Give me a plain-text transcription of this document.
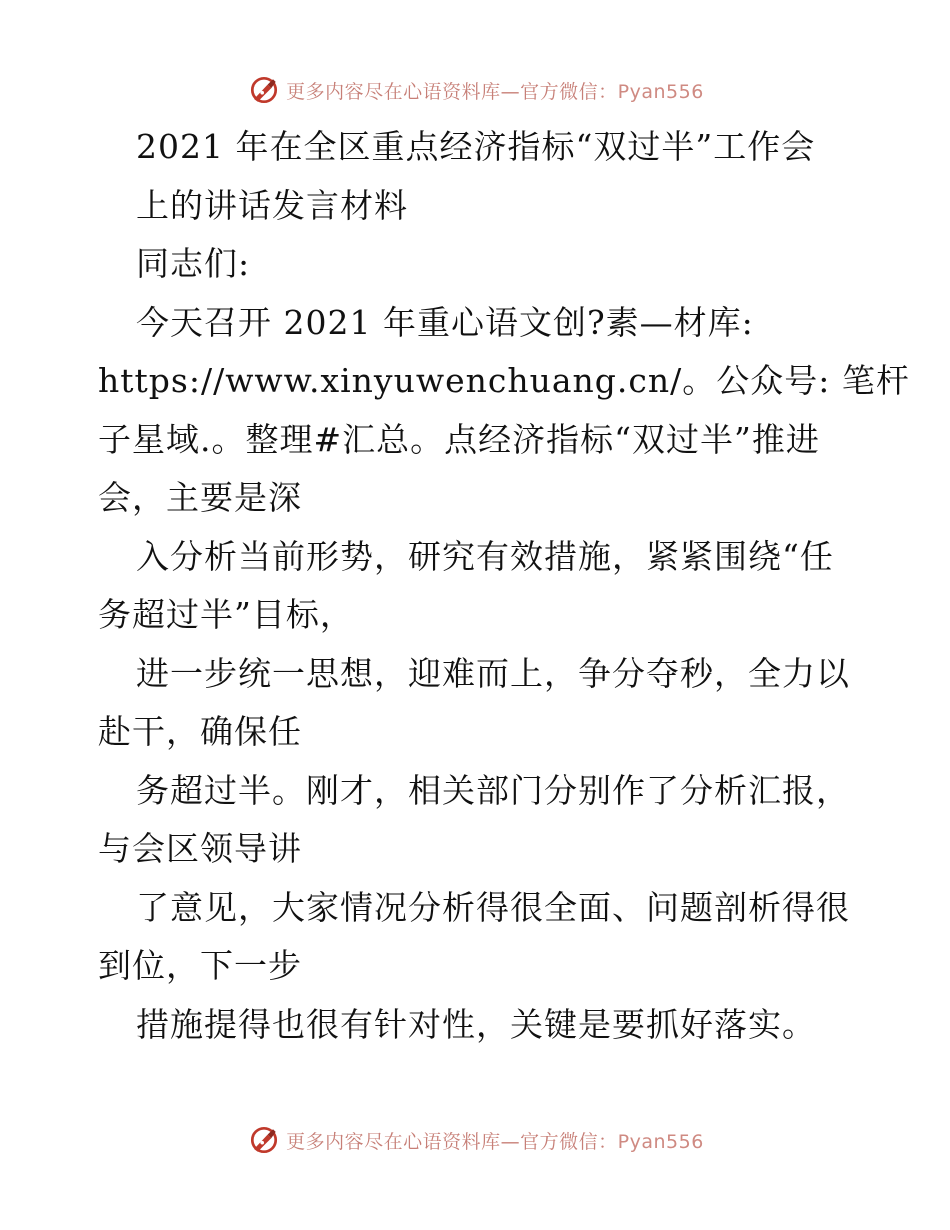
更多内容尽在心语资料库—官方微信：Pyan556
2021 年在全区重点经济指标“双过半”工作会
上的讲话发言材料
同志们:
今天召开 2021 年重心语文创?素—材库:
https://www.xinyuwenchuang.cn/。公众号: 笔杆
子星域.。整理#汇总。点经济指标“双过半”推进
会，主要是深
入分析当前形势，研究有效措施，紧紧围绕“任
务超过半”目标，
进一步统一思想，迎难而上，争分夺秒，全力以
赴干，确保任
务超过半。刚才，相关部门分别作了分析汇报，
与会区领导讲
了意见，大家情况分析得很全面、问题剖析得很
到位，下一步
措施提得也很有针对性，关键是要抓好落实。
更多内容尽在心语资料库—官方微信：Pyan556
